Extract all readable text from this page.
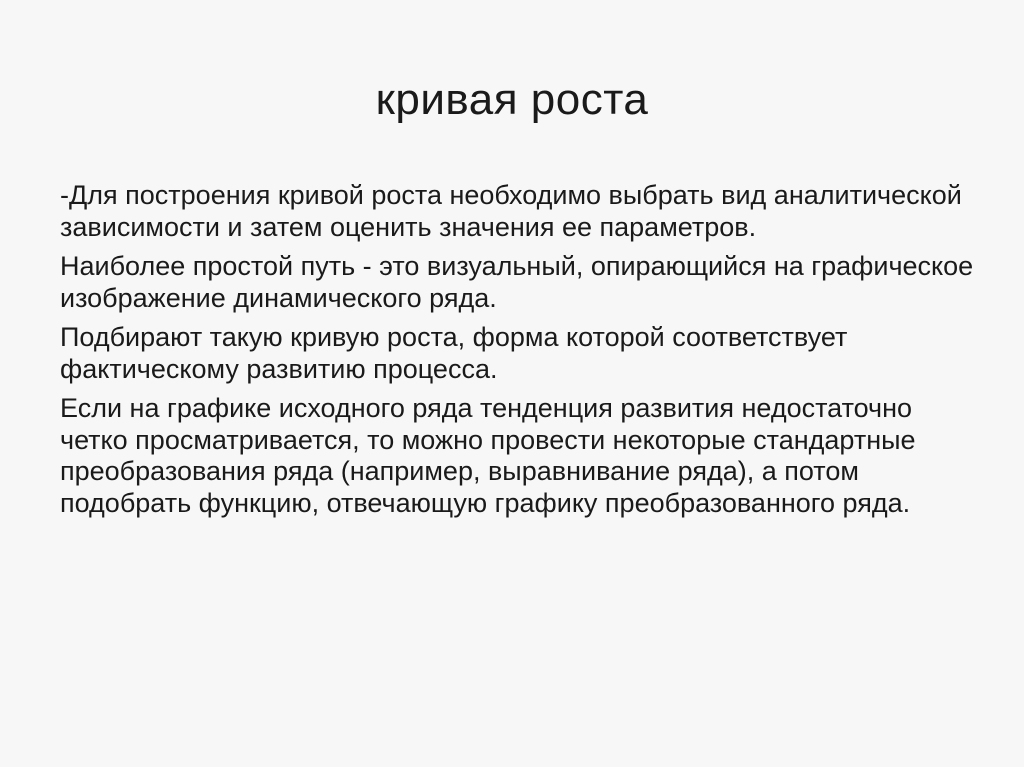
кривая роста

-Для построения кривой роста необходимо выбрать вид аналитической зависимости и затем оценить значения ее параметров.

Наиболее простой путь - это визуальный, опирающийся на графическое изображение динамического ряда.

Подбирают такую кривую роста, форма которой соответствует фактическому развитию процесса.

Если на графике исходного ряда тенденция развития недостаточно четко просматривается, то можно провести некоторые стандартные преобразования ряда (например, выравнивание ряда), а потом подобрать функцию, отвечающую графику преобразованного ряда.
